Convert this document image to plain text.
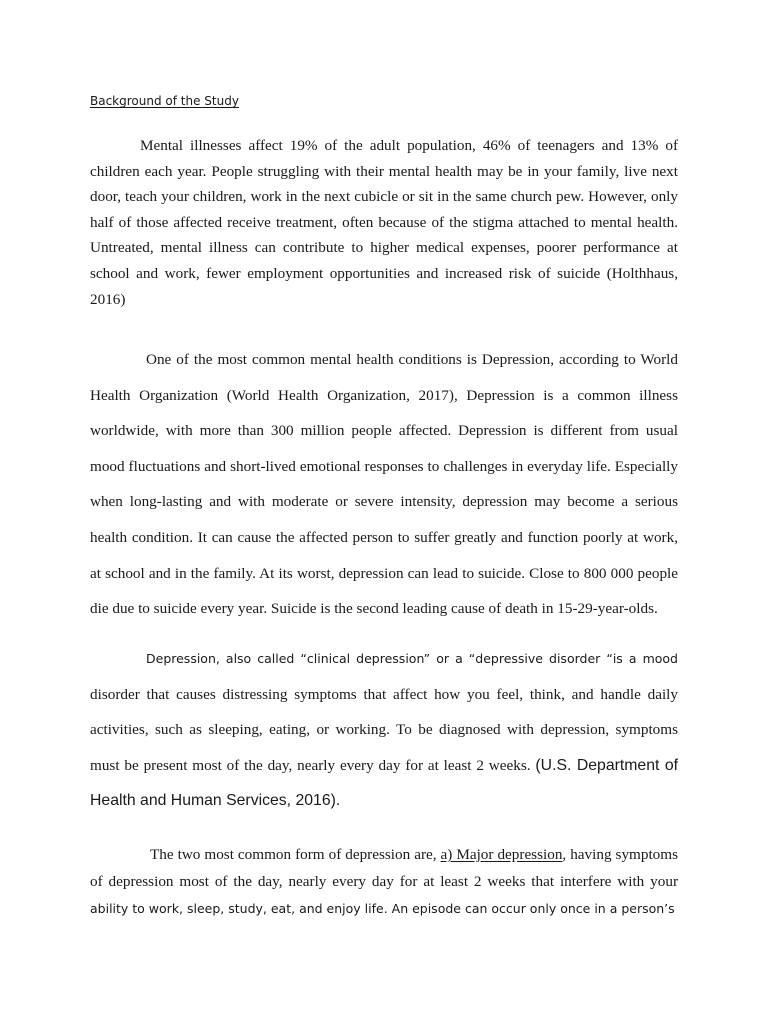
Background of the Study

Mental illnesses affect 19% of the adult population, 46% of teenagers and 13% of children each year. People struggling with their mental health may be in your family, live next door, teach your children, work in the next cubicle or sit in the same church pew. However, only half of those affected receive treatment, often because of the stigma attached to mental health. Untreated, mental illness can contribute to higher medical expenses, poorer performance at school and work, fewer employment opportunities and increased risk of suicide (Holthhaus, 2016)

One of the most common mental health conditions is Depression, according to World Health Organization (World Health Organization, 2017), Depression is a common illness worldwide, with more than 300 million people affected. Depression is different from usual mood fluctuations and short-lived emotional responses to challenges in everyday life. Especially when long-lasting and with moderate or severe intensity, depression may become a serious health condition. It can cause the affected person to suffer greatly and function poorly at work, at school and in the family. At its worst, depression can lead to suicide. Close to 800 000 people die due to suicide every year. Suicide is the second leading cause of death in 15-29-year-olds.

Depression, also called “clinical depression” or a “depressive disorder “is a mood disorder that causes distressing symptoms that affect how you feel, think, and handle daily activities, such as sleeping, eating, or working. To be diagnosed with depression, symptoms must be present most of the day, nearly every day for at least 2 weeks. (U.S. Department of Health and Human Services, 2016).

The two most common form of depression are, a) Major depression, having symptoms of depression most of the day, nearly every day for at least 2 weeks that interfere with your ability to work, sleep, study, eat, and enjoy life. An episode can occur only once in a person’s
